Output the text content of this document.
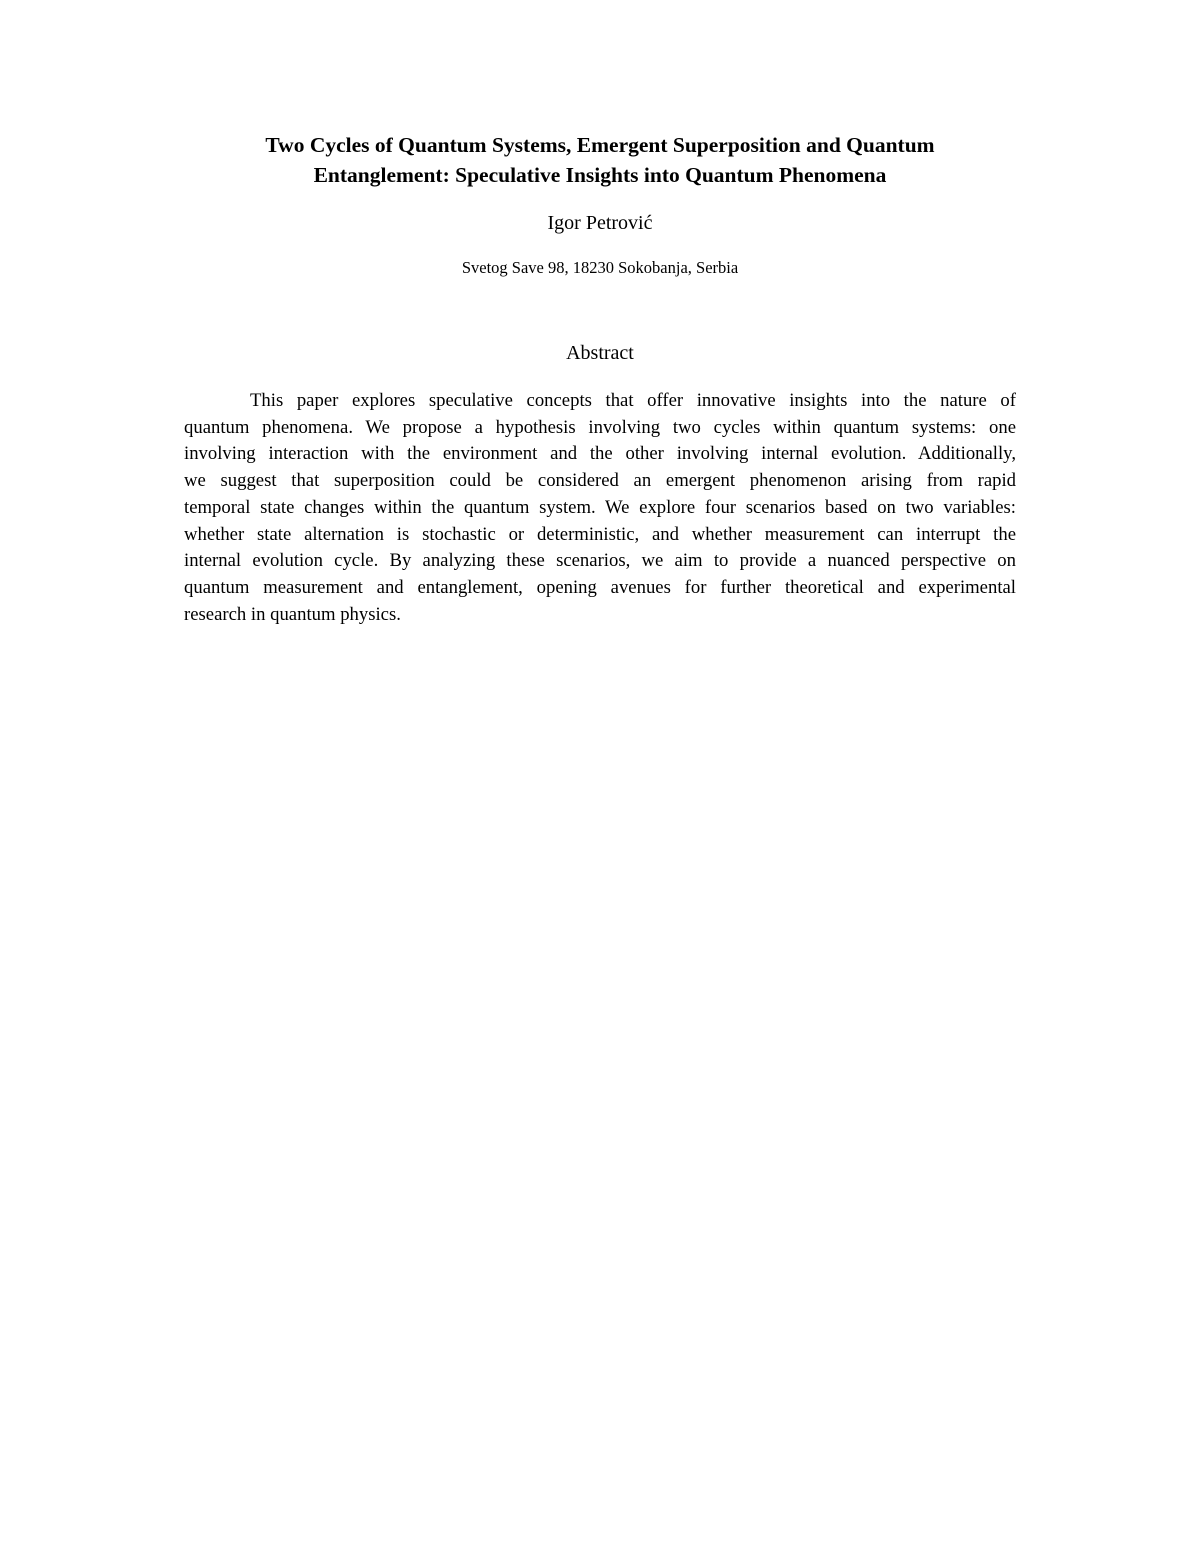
Two Cycles of Quantum Systems, Emergent Superposition and Quantum
Entanglement: Speculative Insights into Quantum Phenomena
Igor Petrović
Svetog Save 98, 18230 Sokobanja, Serbia
Abstract

This paper explores speculative concepts that offer innovative insights into the nature of
quantum phenomena. We propose a hypothesis involving two cycles within quantum systems: one
involving interaction with the environment and the other involving internal evolution. Additionally,
we suggest that superposition could be considered an emergent phenomenon arising from rapid
temporal state changes within the quantum system. We explore four scenarios based on two variables:
whether state alternation is stochastic or deterministic, and whether measurement can interrupt the
internal evolution cycle. By analyzing these scenarios, we aim to provide a nuanced perspective on
quantum measurement and entanglement, opening avenues for further theoretical and experimental
research in quantum physics.
